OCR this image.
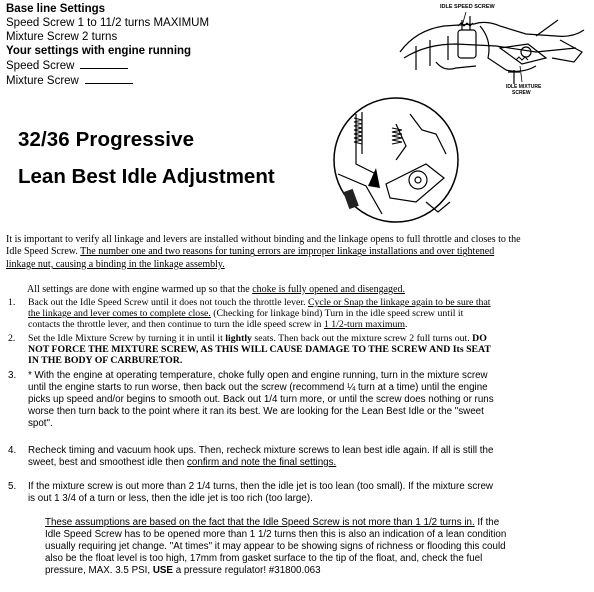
Base line Settings
Speed Screw 1 to 11/2 turns MAXIMUM
Mixture Screw 2 turns
Your settings with engine running
Speed Screw
Mixture Screw
IDLE SPEED SCREW
IDLE MIXTURE
SCREW
32/36 Progressive
Lean Best Idle Adjustment
It is important to verify all linkage and levers are installed without binding and the linkage opens to full throttle and closes to the
Idle Speed Screw. The number one and two reasons for tuning errors are improper linkage installations and over tightened
linkage nut, causing a binding in the linkage assembly.
All settings are done with engine warmed up so that the choke is fully opened and disengaged.
1. Back out the Idle Speed Screw until it does not touch the throttle lever. Cycle or Snap the linkage again to be sure that
the linkage and lever comes to complete close. (Checking for linkage bind) Turn in the idle speed screw until it
contacts the throttle lever, and then continue to turn the idle speed screw in 1 1/2-turn maximum.
2. Set the Idle Mixture Screw by turning it in until it lightly seats. Then back out the mixture screw 2 full turns out. DO
NOT FORCE THE MIXTURE SCREW, AS THIS WILL CAUSE DAMAGE TO THE SCREW AND Its SEAT
IN THE BODY OF CARBURETOR.
3. * With the engine at operating temperature, choke fully open and engine running, turn in the mixture screw
until the engine starts to run worse, then back out the screw (recommend ¼ turn at a time) until the engine
picks up speed and/or begins to smooth out. Back out 1/4 turn more, or until the screw does nothing or runs
worse then turn back to the point where it ran its best. We are looking for the Lean Best Idle or the "sweet
spot".
4. Recheck timing and vacuum hook ups. Then, recheck mixture screws to lean best idle again. If all is still the
sweet, best and smoothest idle then confirm and note the final settings.
5. If the mixture screw is out more than 2 1/4 turns, then the idle jet is too lean (too small). If the mixture screw
is out 1 3/4 of a turn or less, then the idle jet is too rich (too large).
These assumptions are based on the fact that the Idle Speed Screw is not more than 1 1/2 turns in. If the
Idle Speed Screw has to be opened more than 1 1/2 turns then this is also an indication of a lean condition
usually requiring jet change. "At times" it may appear to be showing signs of richness or flooding this could
also be the float level is too high, 17mm from gasket surface to the tip of the float, and, check the fuel
pressure, MAX. 3.5 PSI, USE a pressure regulator! #31800.063
